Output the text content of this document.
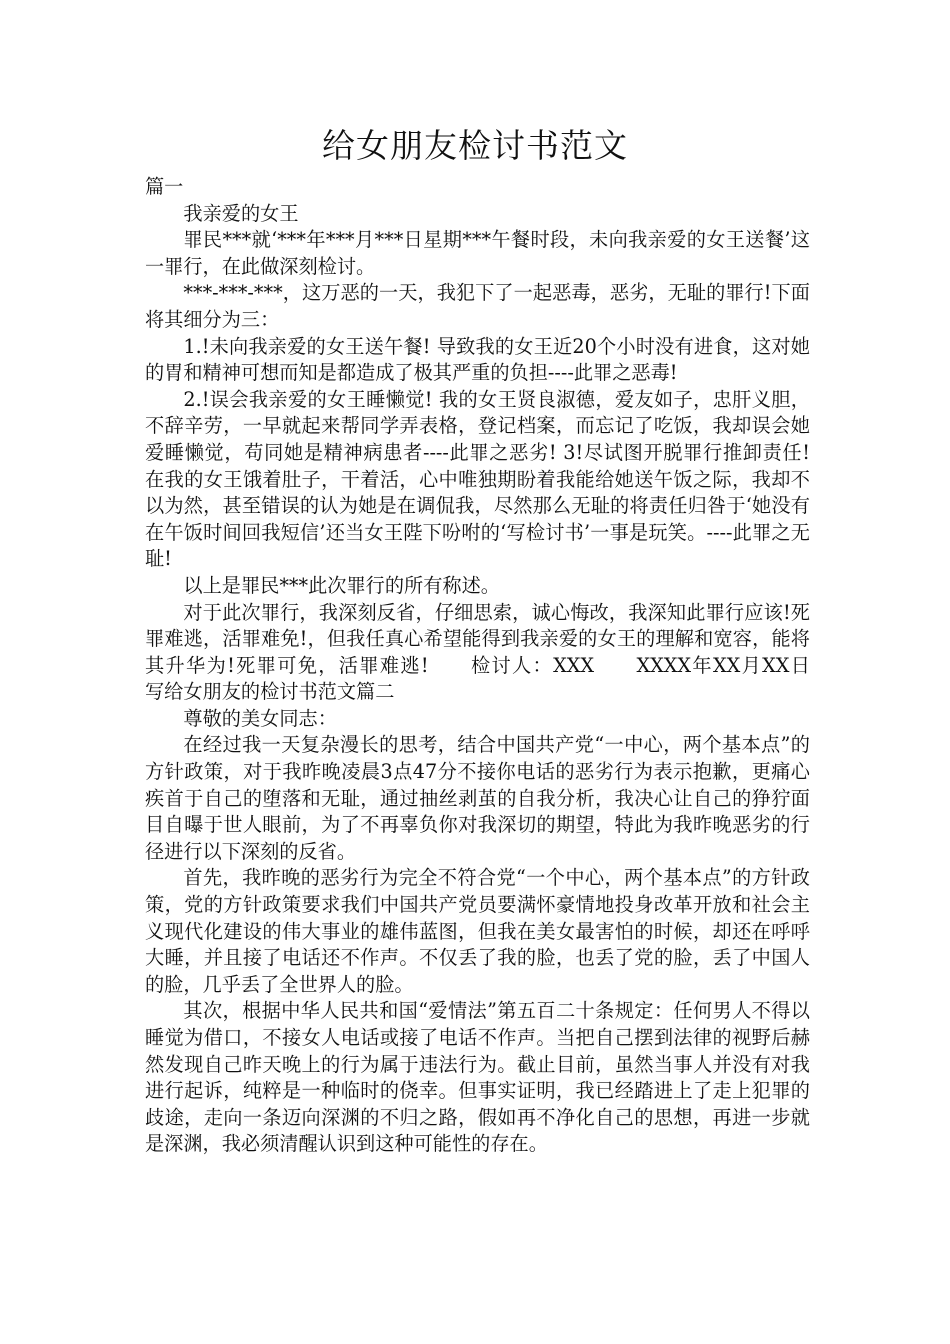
给女朋友检讨书范文

篇一

我亲爱的女王

罪民***就‘***年***月***日星期***午餐时段，未向我亲爱的女王送餐’这一罪行，在此做深刻检讨。

***-***-***，这万恶的一天，我犯下了一起恶毒，恶劣，无耻的罪行!下面将其细分为三：

1.!未向我亲爱的女王送午餐! 导致我的女王近20个小时没有进食，这对她的胃和精神可想而知是都造成了极其严重的负担----此罪之恶毒!

2.!误会我亲爱的女王睡懒觉! 我的女王贤良淑德，爱友如子，忠肝义胆，不辞辛劳，一早就起来帮同学弄表格，登记档案，而忘记了吃饭，我却误会她爱睡懒觉，苟同她是精神病患者----此罪之恶劣! 3!尽试图开脱罪行推卸责任! 在我的女王饿着肚子，干着活，心中唯独期盼着我能给她送午饭之际，我却不以为然，甚至错误的认为她是在调侃我，尽然那么无耻的将责任归咎于‘她没有在午饭时间回我短信’还当女王陛下吩咐的‘写检讨书’一事是玩笑。----此罪之无耻!

以上是罪民***此次罪行的所有称述。

对于此次罪行，我深刻反省，仔细思索，诚心悔改，我深知此罪行应该!死罪难逃，活罪难免!，但我任真心希望能得到我亲爱的女王的理解和宽容，能将其升华为!死罪可免，活罪难逃!　　检讨人：XXX　　XXXX年XX月XX日　　写给女朋友的检讨书范文篇二

尊敬的美女同志：

在经过我一天复杂漫长的思考，结合中国共产党“一中心，两个基本点”的方针政策，对于我昨晚凌晨3点47分不接你电话的恶劣行为表示抱歉，更痛心疾首于自己的堕落和无耻，通过抽丝剥茧的自我分析，我决心让自己的狰狞面目自曝于世人眼前，为了不再辜负你对我深切的期望，特此为我昨晚恶劣的行径进行以下深刻的反省。

首先，我昨晚的恶劣行为完全不符合党“一个中心，两个基本点”的方针政策，党的方针政策要求我们中国共产党员要满怀豪情地投身改革开放和社会主义现代化建设的伟大事业的雄伟蓝图，但我在美女最害怕的时候，却还在呼呼大睡，并且接了电话还不作声。不仅丢了我的脸，也丢了党的脸，丢了中国人的脸，几乎丢了全世界人的脸。

其次，根据中华人民共和国“爱情法”第五百二十条规定：任何男人不得以睡觉为借口，不接女人电话或接了电话不作声。当把自己摆到法律的视野后赫然发现自己昨天晚上的行为属于违法行为。截止目前，虽然当事人并没有对我进行起诉，纯粹是一种临时的侥幸。但事实证明，我已经踏进上了走上犯罪的歧途，走向一条迈向深渊的不归之路，假如再不净化自己的思想，再进一步就是深渊，我必须清醒认识到这种可能性的存在。
